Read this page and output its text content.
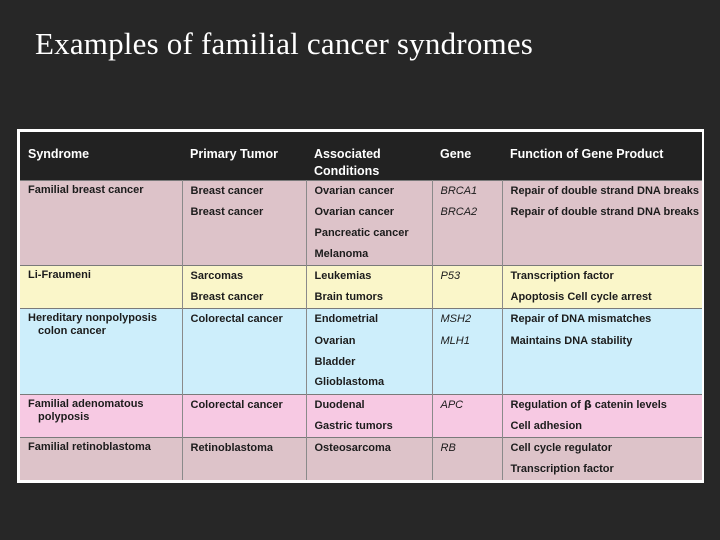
Examples of familial cancer syndromes
Syndrome	Primary Tumor	Associated
Conditions	Gene	Function of Gene Product
Familial breast cancer	Breast cancer	Ovarian cancer	BRCA1	Repair of double strand DNA breaks
	Breast cancer	Ovarian cancer	BRCA2	Repair of double strand DNA breaks
		Pancreatic cancer		
		Melanoma		
Li-Fraumeni	Sarcomas	Leukemias	P53	Transcription factor
	Breast cancer	Brain tumors		Apoptosis Cell cycle arrest
Hereditary nonpolyposis
colon cancer	Colorectal cancer	Endometrial	MSH2	Repair of DNA mismatches
		Ovarian	MLH1	Maintains DNA stability
		Bladder		
		Glioblastoma		
Familial adenomatous
polyposis	Colorectal cancer	Duodenal	APC	Regulation of β catenin levels
		Gastric tumors		Cell adhesion
Familial retinoblastoma	Retinoblastoma	Osteosarcoma	RB	Cell cycle regulator
				Transcription factor
